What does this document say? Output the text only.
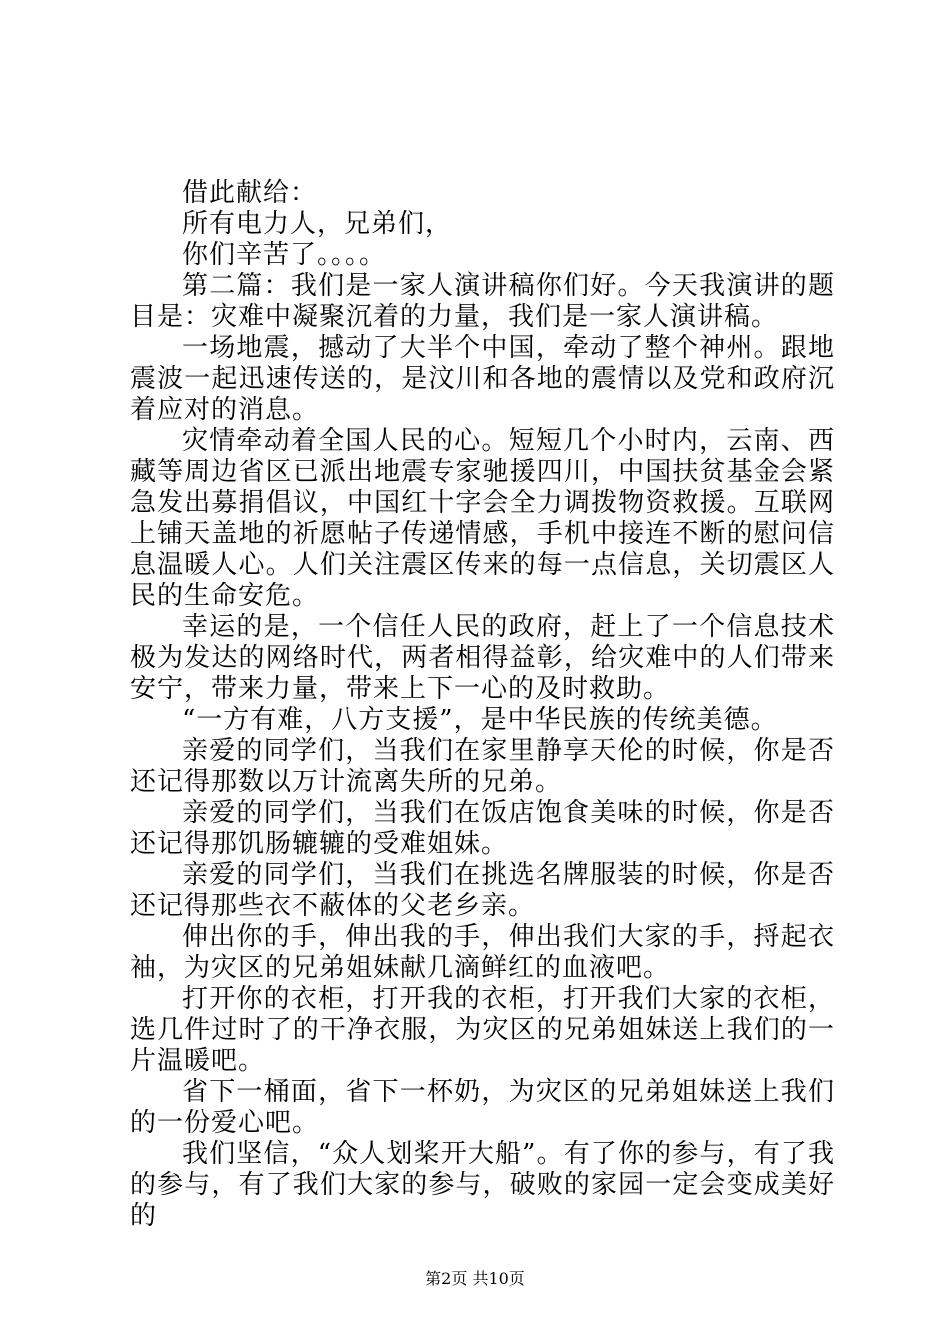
借此献给：

所有电力人，兄弟们，

你们辛苦了。。。。

第二篇：我们是一家人演讲稿你们好。今天我演讲的题目是：灾难中凝聚沉着的力量，我们是一家人演讲稿。

一场地震，撼动了大半个中国，牵动了整个神州。跟地震波一起迅速传送的，是汶川和各地的震情以及党和政府沉着应对的消息。

灾情牵动着全国人民的心。短短几个小时内，云南、西藏等周边省区已派出地震专家驰援四川，中国扶贫基金会紧急发出募捐倡议，中国红十字会全力调拨物资救援。互联网上铺天盖地的祈愿帖子传递情感，手机中接连不断的慰问信息温暖人心。人们关注震区传来的每一点信息，关切震区人民的生命安危。

幸运的是，一个信任人民的政府，赶上了一个信息技术极为发达的网络时代，两者相得益彰，给灾难中的人们带来安宁，带来力量，带来上下一心的及时救助。

“一方有难，八方支援”，是中华民族的传统美德。

亲爱的同学们，当我们在家里静享天伦的时候，你是否还记得那数以万计流离失所的兄弟。

亲爱的同学们，当我们在饭店饱食美味的时候，你是否还记得那饥肠辘辘的受难姐妹。

亲爱的同学们，当我们在挑选名牌服装的时候，你是否还记得那些衣不蔽体的父老乡亲。

伸出你的手，伸出我的手，伸出我们大家的手，捋起衣袖，为灾区的兄弟姐妹献几滴鲜红的血液吧。

打开你的衣柜，打开我的衣柜，打开我们大家的衣柜，选几件过时了的干净衣服，为灾区的兄弟姐妹送上我们的一片温暖吧。

省下一桶面，省下一杯奶，为灾区的兄弟姐妹送上我们的一份爱心吧。

我们坚信，“众人划桨开大船”。有了你的参与，有了我的参与，有了我们大家的参与，破败的家园一定会变成美好的

第2页 共10页
